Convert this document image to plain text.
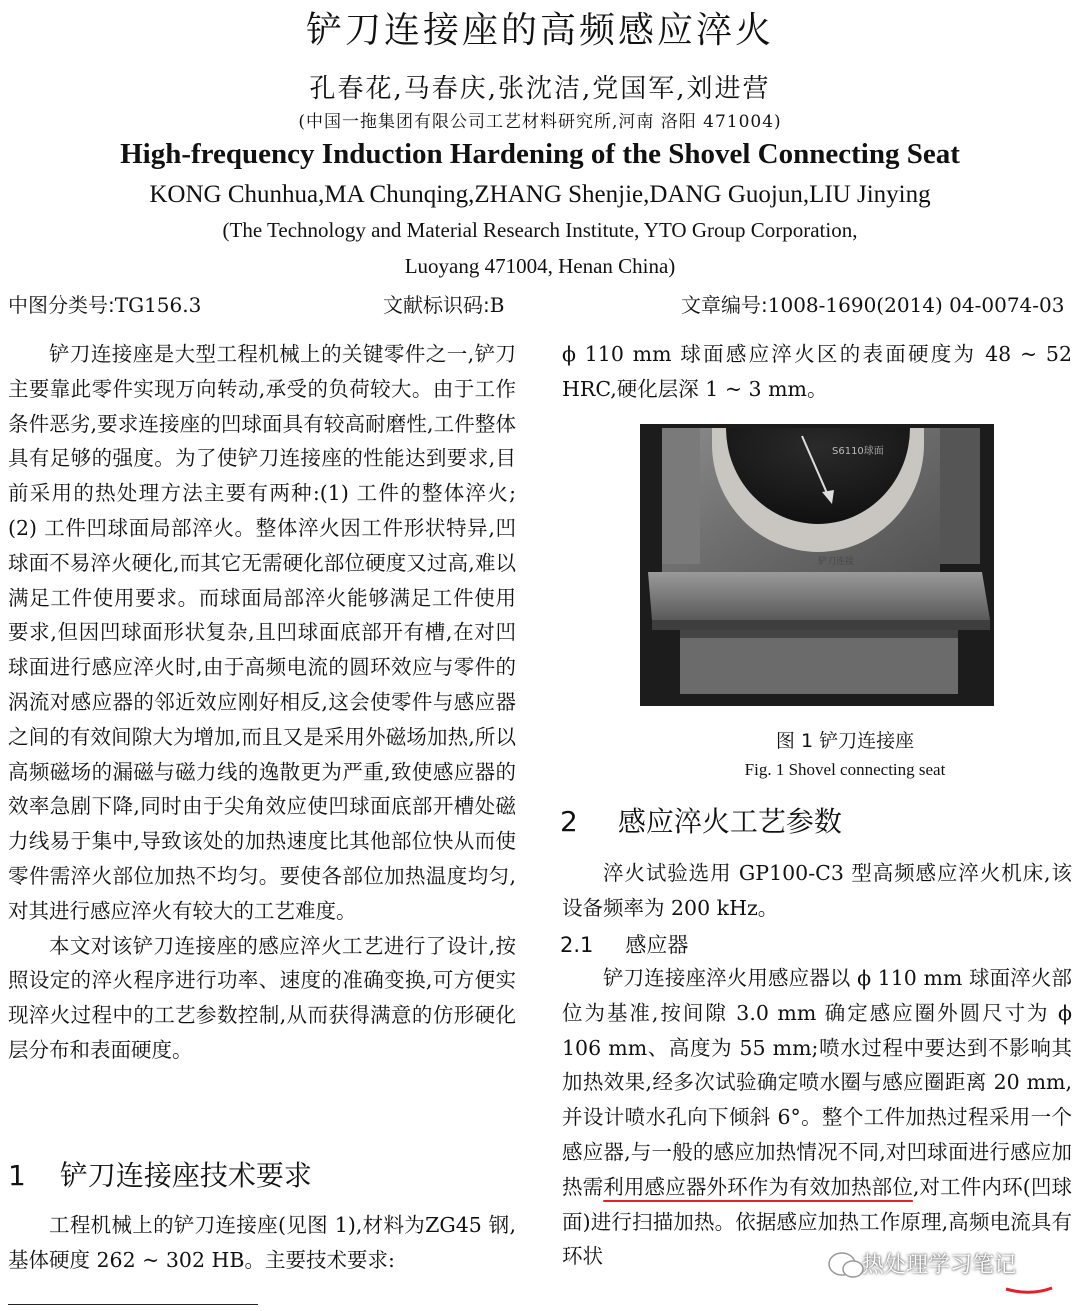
铲刀连接座的高频感应淬火
孔春花,马春庆,张沈洁,党国军,刘进营
(中国一拖集团有限公司工艺材料研究所,河南 洛阳 471004)
High-frequency Induction Hardening of the Shovel Connecting Seat
KONG Chunhua,MA Chunqing,ZHANG Shenjie,DANG Guojun,LIU Jinying
(The Technology and Material Research Institute, YTO Group Corporation,
Luoyang 471004, Henan China)
中图分类号:TG156.3	文献标识码:B	文章编号:1008-1690(2014) 04-0074-03

铲刀连接座是大型工程机械上的关键零件之一,铲刀主要靠此零件实现万向转动,承受的负荷较大。由于工作条件恶劣,要求连接座的凹球面具有较高耐磨性,工件整体具有足够的强度。为了使铲刀连接座的性能达到要求,目前采用的热处理方法主要有两种:(1) 工件的整体淬火;(2) 工件凹球面局部淬火。整体淬火因工件形状特异,凹球面不易淬火硬化,而其它无需硬化部位硬度又过高,难以满足工件使用要求。而球面局部淬火能够满足工件使用要求,但因凹球面形状复杂,且凹球面底部开有槽,在对凹球面进行感应淬火时,由于高频电流的圆环效应与零件的涡流对感应器的邻近效应刚好相反,这会使零件与感应器之间的有效间隙大为增加,而且又是采用外磁场加热,所以高频磁场的漏磁与磁力线的逸散更为严重,致使感应器的效率急剧下降,同时由于尖角效应使凹球面底部开槽处磁力线易于集中,导致该处的加热速度比其他部位快从而使零件需淬火部位加热不均匀。要使各部位加热温度均匀,对其进行感应淬火有较大的工艺难度。

本文对该铲刀连接座的感应淬火工艺进行了设计,按照设定的淬火程序进行功率、速度的准确变换,可方便实现淬火过程中的工艺参数控制,从而获得满意的仿形硬化层分布和表面硬度。

1 铲刀连接座技术要求

工程机械上的铲刀连接座(见图 1),材料为ZG45 钢,基体硬度 262 ~ 302 HB。主要技术要求:

ϕ 110 mm 球面感应淬火区的表面硬度为 48 ~ 52 HRC,硬化层深 1 ~ 3 mm。

S6110球面
铲刀连接
图 1 铲刀连接座
Fig. 1 Shovel connecting seat
2 感应淬火工艺参数

淬火试验选用 GP100-C3 型高频感应淬火机床,该设备频率为 200 kHz。

2.1 感应器

铲刀连接座淬火用感应器以 ϕ 110 mm 球面淬火部位为基准,按间隙 3.0 mm 确定感应圈外圆尺寸为 ϕ 106 mm、高度为 55 mm;喷水过程中要达到不影响其加热效果,经多次试验确定喷水圈与感应圈距离 20 mm,并设计喷水孔向下倾斜 6°。整个工件加热过程采用一个感应器,与一般的感应加热情况不同,对凹球面进行感应加热需利用感应器外环作为有效加热部位,对工件内环(凹球面)进行扫描加热。依据感应加热工作原理,高频电流具有环状	热处理学习笔记
